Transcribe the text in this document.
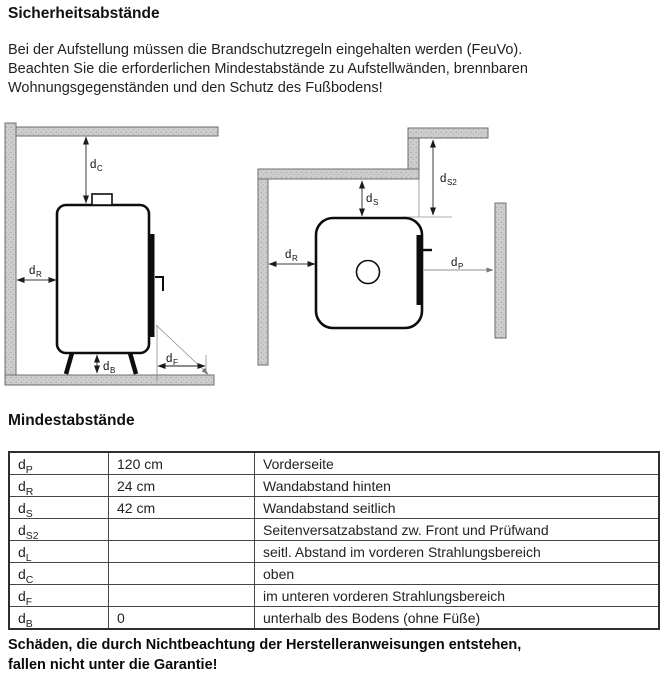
Sicherheitsabstände
Bei der Aufstellung müssen die Brandschutzregeln eingehalten werden (FeuVo).
Beachten Sie die erforderlichen Mindestabstände zu Aufstellwänden, brennbaren
Wohnungsgegenständen und den Schutz des Fußbodens!
d C
d R
d B
d F
d S
d S2
d R	d P
Mindestabstände
$d_P$	120 cm	Vorderseite
$d_R$	24 cm	Wandabstand hinten
$d_S$	42 cm	Wandabstand seitlich
$d_{S2}$		Seitenversatzabstand zw. Front und Prüfwand
$d_L$		seitl. Abstand im vorderen Strahlungsbereich
$d_C$		oben
$d_F$		im unteren vorderen Strahlungsbereich
$d_B$	0	unterhalb des Bodens (ohne Füße)
Schäden, die durch Nichtbeachtung der Herstelleranweisungen entstehen,
fallen nicht unter die Garantie!
